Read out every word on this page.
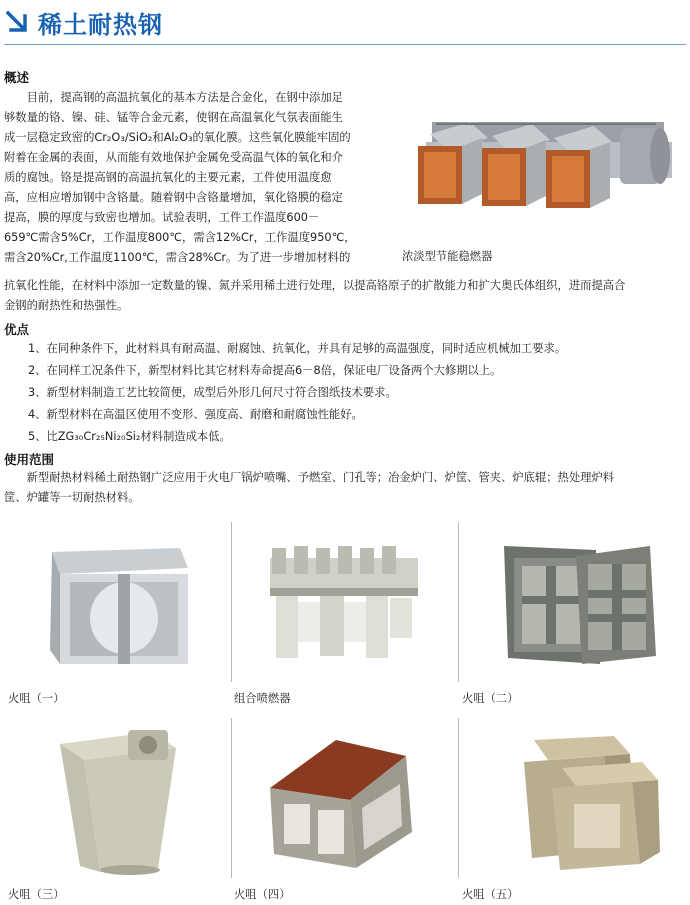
稀土耐热钢
概述
目前，提高钢的高温抗氧化的基本方法是合金化，在钢中添加足
够数量的铬、镍、硅、锰等合金元素，使钢在高温氧化气氛表面能生
成一层稳定致密的Cr₂O₃/SiO₂和Al₂O₃的氧化膜。这些氧化膜能牢固的
附着在金属的表面，从而能有效地保护金属免受高温气体的氧化和介
质的腐蚀。铬是提高钢的高温抗氧化的主要元素，工件使用温度愈
高，应相应增加钢中含铬量。随着钢中含铬量增加，氧化铬膜的稳定
提高，膜的厚度与致密也增加。试验表明，工件工作温度600－
659℃需含5%Cr，工作温度800℃，需含12%Cr，工作温度950℃，
需含20%Cr,工作温度1100℃，需含28%Cr。为了进一步增加材料的
抗氧化性能，在材料中添加一定数量的镍、氮并采用稀土进行处理，以提高铬原子的扩散能力和扩大奥氏体组织，进而提高合
金钢的耐热性和热强性。
浓淡型节能稳燃器
优点
1、在同种条件下，此材料具有耐高温、耐腐蚀、抗氧化，并具有足够的高温强度，同时适应机械加工要求。
2、在同样工况条件下，新型材料比其它材料寿命提高6－8倍，保证电厂设备两个大修期以上。
3、新型材料制造工艺比较简便，成型后外形几何尺寸符合图纸技术要求。
4、新型材料在高温区使用不变形、强度高、耐磨和耐腐蚀性能好。
5、比ZG₃₀Cr₂₅Ni₂₀Si₂材料制造成本低。
使用范围
新型耐热材料稀土耐热钢广泛应用于火电厂锅炉喷嘴、予燃室、门孔等；冶金炉门、炉筐、管夹、炉底辊；热处理炉料
筐、炉罐等一切耐热材料。
火咀（一）	组合喷燃器	火咀（二）
火咀（三）	火咀（四）	火咀（五）
